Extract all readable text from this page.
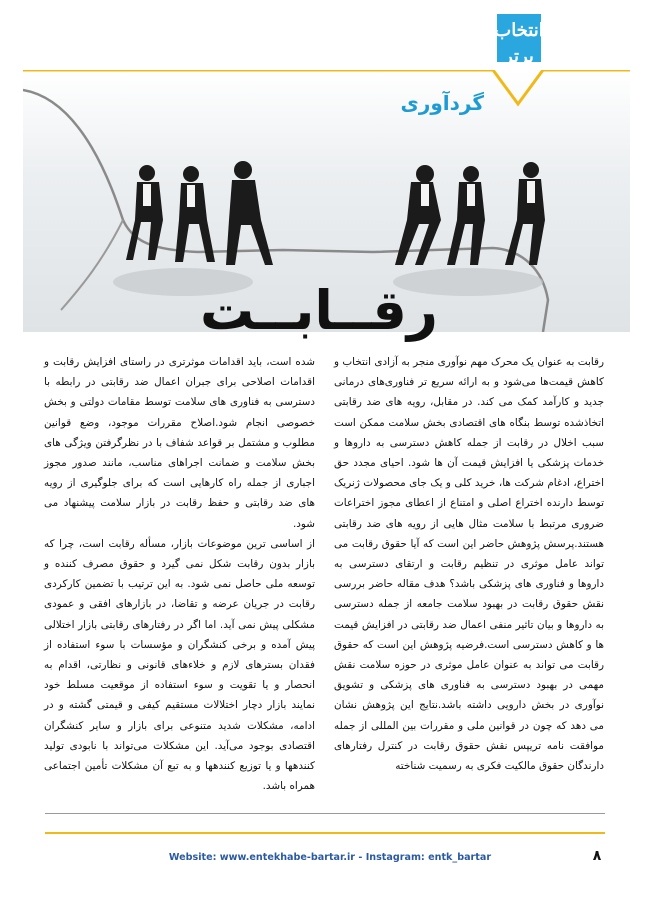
انتخاب برتر
گردآوری
رقــابــت

رقابت به عنوان یک محرک مهم نوآوری منجر به آزادی انتخاب و کاهش قیمت‌ها می‌شود و به ارائه سریع تر فناوری‌های درمانی جدید و کارآمد کمک می کند. در مقابل، رویه های ضد رقابتی اتخاذشده توسط بنگاه های اقتصادی بخش سلامت ممکن است سبب اخلال در رقابت از جمله کاهش دسترسی به داروها و خدمات پزشکی یا افزایش قیمت آن ها شود. احیای مجدد حق اختراع، ادغام شرکت ها، خرید کلی و یک جای محصولات ژنریک توسط دارنده اختراع اصلی و امتناع از اعطای مجوز اختراعات ضروری مرتبط با سلامت مثال هایی از رویه های ضد رقابتی هستند.پرسش پژوهش حاضر این است که آیا حقوق رقابت می تواند عامل موثری در تنظیم رقابت و ارتقای دسترسی به داروها و فناوری های پزشکی باشد؟ هدف مقاله حاضر بررسی نقش حقوق رقابت در بهبود سلامت جامعه از جمله دسترسی به داروها و بیان تاثیر منفی اعمال ضد رقابتی در افزایش قیمت ها و کاهش دسترسی است.فرضیه پژوهش این است که حقوق رقابت می تواند به عنوان عامل موثری در حوزه سلامت نقش مهمی در بهبود دسترسی به فناوری های پزشکی و تشویق نوآوری در بخش دارویی داشته باشد.نتایج این پژوهش نشان می دهد که چون در قوانین ملی و مقررات بین المللی از جمله موافقت نامه تریپس نقش حقوق رقابت در کنترل رفتارهای دارندگان حقوق مالکیت فکری به رسمیت شناخته

شده است، باید اقدامات موثرتری در راستای افزایش رقابت و اقدامات اصلاحی برای جبران اعمال ضد رقابتی در رابطه با دسترسی به فناوری های سلامت توسط مقامات دولتی و بخش خصوصی انجام شود.اصلاح مقررات موجود، وضع قوانین مطلوب و مشتمل بر قواعد شفاف با در نظرگرفتن ویژگی های بخش سلامت و ضمانت اجراهای مناسب، مانند صدور مجوز اجباری از جمله راه کارهایی است که برای جلوگیری از رویه های ضد رقابتی و حفظ رقابت در بازار سلامت پیشنهاد می شود.

از اساسی ترین موضوعات بازار، مسأله رقابت است، چرا که بازار بدون رقابت شکل نمی گیرد و حقوق مصرف کننده و توسعه ملی حاصل نمی شود. به این ترتیب با تضمین کارکردی رقابت در جریان عرضه و تقاضا، در بازارهای افقی و عمودی مشکلی پیش نمی آید. اما اگر در رفتارهای رقابتی بازار اختلالی پیش آمده و برخی کنشگران و مؤسسات با سوء استفاده از فقدان بسترهای لازم و خلاءهای قانونی و نظارتی، اقدام به انحصار و یا تقویت و سوء استفاده از موقعیت مسلط خود نمایند بازار دچار اختلالات مستقیم کیفی و قیمتی گشته و در ادامه، مشکلات شدید متنوعی برای بازار و سایر کنشگران اقتصادی بوجود می‌آید. این مشکلات می‌تواند با نابودی تولید کنندهها و یا توزیع کنندهها و به تبع آن مشکلات تأمین اجتماعی همراه باشد.

Website: www.entekhabe-bartar.ir - Instagram: entk_bartar	۸
